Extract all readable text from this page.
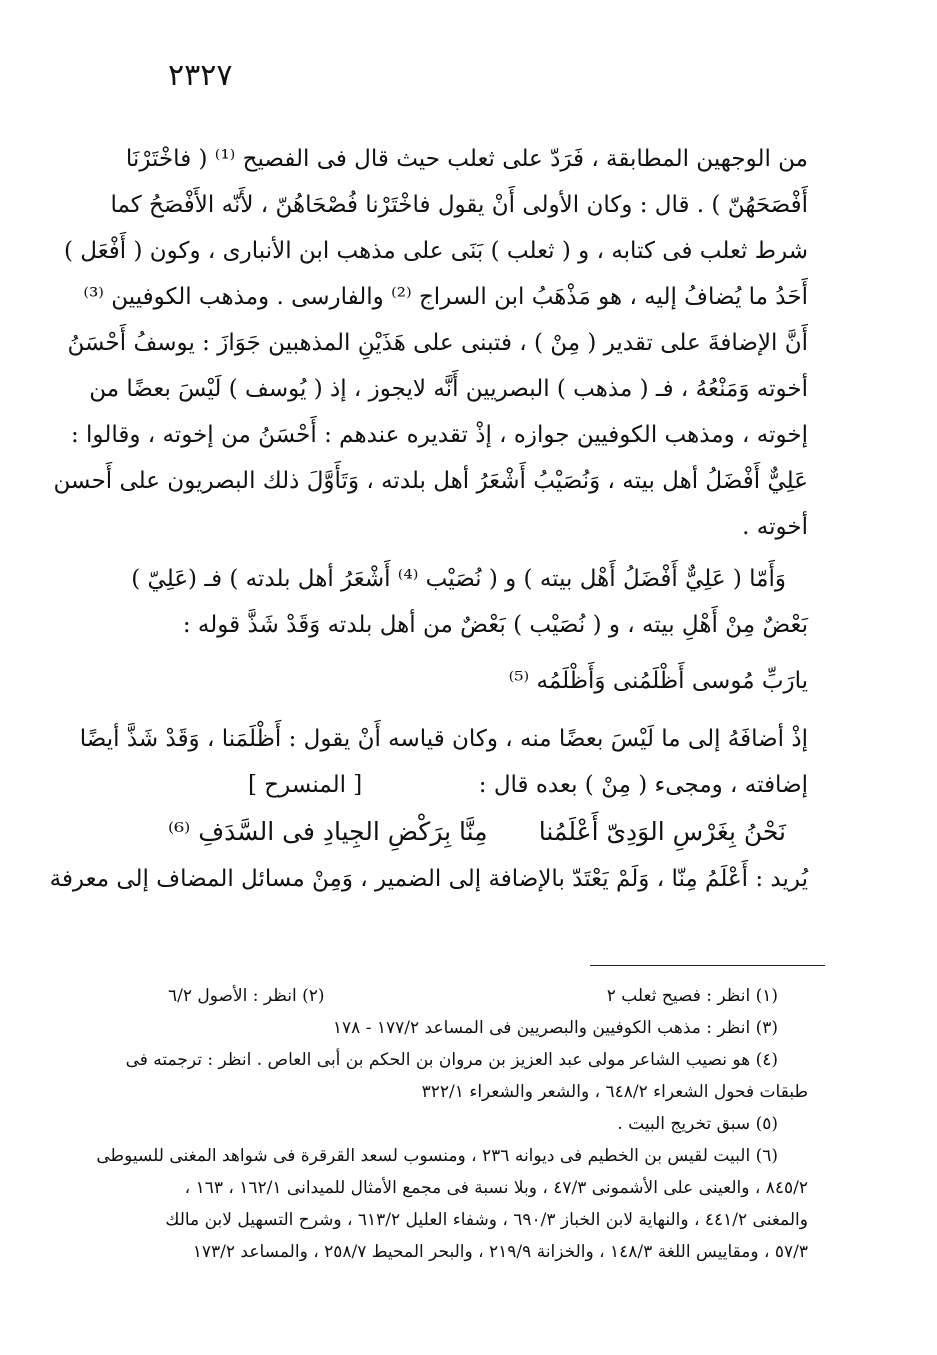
٢٣٢٧
من الوجهين المطابقة ، فَرَدّ على ثعلب حيث قال فى الفصيح ⁽¹⁾ ( فاخْتَرْنَا
أَفْصَحَهُنّ ) . قال : وكان الأولى أَنْ يقول فاخْتَرْنا فُصْحَاهُنّ ، لأَنّه الأَفْصَحُ كما
شرط ثعلب فى كتابه ، و ( ثعلب ) بَنَى على مذهب ابن الأنبارى ، وكون ( أَفْعَل )
أَحَدُ ما يُضافُ إليه ، هو مَذْهَبُ ابن السراج ⁽²⁾ والفارسى . ومذهب الكوفيين ⁽³⁾
أَنَّ الإضافةَ على تقدير ( مِنْ ) ، فتبنى على هَذَيْنِ المذهبين جَوَازَ : يوسفُ أَحْسَنُ
أخوته وَمَنْعُهُ ، فـ ( مذهب ) البصريين أَنَّه لايجوز ، إذ ( يُوسف ) لَيْسَ بعضًا من
إخوته ، ومذهب الكوفيين جوازه ، إذْ تقديره عندهم : أَحْسَنُ من إخوته ، وقالوا :
عَلِيٌّ أَفْضَلُ أهل بيته ، وَنُصَيْبُ أَشْعَرُ أهل بلدته ، وَتَأَوَّلَ ذلك البصريون على أَحسن
أخوته .
وَأَمّا ( عَلِيٌّ أَفْضَلُ أَهْل بيته ) و ( نُصَيْب ⁽⁴⁾ أَشْعَرُ أهل بلدته ) فـ (عَلِيّ )
بَعْضٌ مِنْ أَهْلِ بيته ، و ( نُصَيْب ) بَعْضٌ من أهل بلدته وَقَدْ شَذَّ قوله :
يارَبِّ مُوسى أَظْلَمُنى وَأَظْلَمُه ⁽⁵⁾
إذْ أضافَهُ إلى ما لَيْسَ بعضًا منه ، وكان قياسه أَنْ يقول : أَظْلَمَنا ، وَقَدْ شَذَّ أيضًا
إضافته ، ومجىء ( مِنْ ) بعده قال :
[ المنسرح ]
نَحْنُ بِغَرْسِ الوَدِىّ أَعْلَمُنا
مِنَّا بِرَكْضِ الجِيادِ فى السَّدَفِ ⁽⁶⁾
يُريد : أَعْلَمُ مِنّا ، وَلَمْ يَعْتَدّ بالإضافة إلى الضمير ، وَمِنْ مسائل المضاف إلى معرفة
(١) انظر : فصيح ثعلب ٢
(٢) انظر : الأصول ٦/٢
(٣) انظر : مذهب الكوفيين والبصريين فى المساعد ١٧٧/٢ - ١٧٨
(٤) هو نصيب الشاعر مولى عبد العزيز بن مروان بن الحكم بن أبى العاص . انظر : ترجمته فى
طبقات فحول الشعراء ٦٤٨/٢ ، والشعر والشعراء ٣٢٢/١
(٥) سبق تخريج البيت .
(٦) البيت لقيس بن الخطيم فى ديوانه ٢٣٦ ، ومنسوب لسعد القرقرة فى شواهد المغنى للسيوطى
٨٤٥/٢ ، والعينى على الأشمونى ٤٧/٣ ، وبلا نسبة فى مجمع الأمثال للميدانى ١٦٢/١ ، ١٦٣ ،
والمغنى ٤٤١/٢ ، والنهاية لابن الخباز ٦٩٠/٣ ، وشفاء العليل ٦١٣/٢ ، وشرح التسهيل لابن مالك
٥٧/٣ ، ومقاييس اللغة ١٤٨/٣ ، والخزانة ٢١٩/٩ ، والبحر المحيط ٢٥٨/٧ ، والمساعد ١٧٣/٢
